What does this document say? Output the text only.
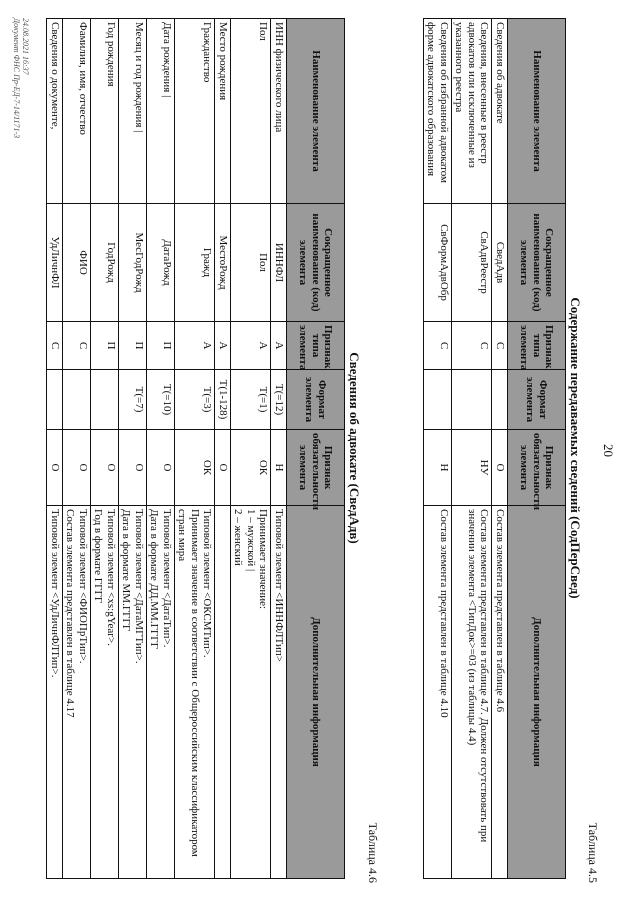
20
Таблица 4.5
Содержание передаваемых сведений (СодПерСвед)
Наименование элемента	Сокращенное наименование (код) элемента	Признак типа элемента	Формат элемента	Признак обязательности элемента	Дополнительная информация
Сведения об адвокате	СведАдв	С		О	Состав элемента представлен в таблице 4.6
Сведения, внесенные в реестр адвокатов или исключенные из указанного реестра	СвАдвРеестр	С		НУ	Состав элемента представлен в таблице 4.7. Должен отсутствовать при значении элемента <ТипДок>=03 (из таблицы 4.4)
Сведения об избранной адвокатом форме адвокатского образования	СвФормАдвОбр	С		Н	Состав элемента представлен в таблице 4.10
Таблица 4.6
Сведения об адвокате (СведАдв)
Наименование элемента	Сокращенное наименование (код) элемента	Признак типа элемента	Формат элемента	Признак обязательности элемента	Дополнительная информация
ИНН физического лица	ИННФЛ	А	Т(=12)	Н	Типовой элемент <ИННФЛТип>
Пол	Пол	А	Т(=1)	ОК	Принимает значение:
1 – мужской |
2 – женский
Место рождения	МестоРожд	А	Т(1-128)	О	
Гражданство	Гражд	А	Т(=3)	ОК	Типовой элемент <ОКСМТип>.
Принимает значение в соответствии с Общероссийским классификатором стран мира
Дата рождения |	ДатаРожд	П	Т(=10)	О	Типовой элемент <ДатаТип>.
Дата в формате ДД.ММ.ГГГГ
Месяц и год рождения |	МесГодРожд	П	Т(=7)	О	Типовой элемент <ДатаМГТип>.
Дата в формате ММ.ГГГГ
Год рождения	ГодРожд	П		О	Типовой элемент <xs:gYear>.
Год в формате ГГГГ
Фамилия, имя, отчество	ФИО	С		О	Типовой элемент <ФИОПрТип>.
Состав элемента представлен в таблице 4.17
Сведения о документе,	УдЛичнФЛ	С		О	Типовой элемент <УдЛичнФЛТип>.
24.08.2021 16:37
Документ ФНС Пр-ЕД-7-14/1171-3
